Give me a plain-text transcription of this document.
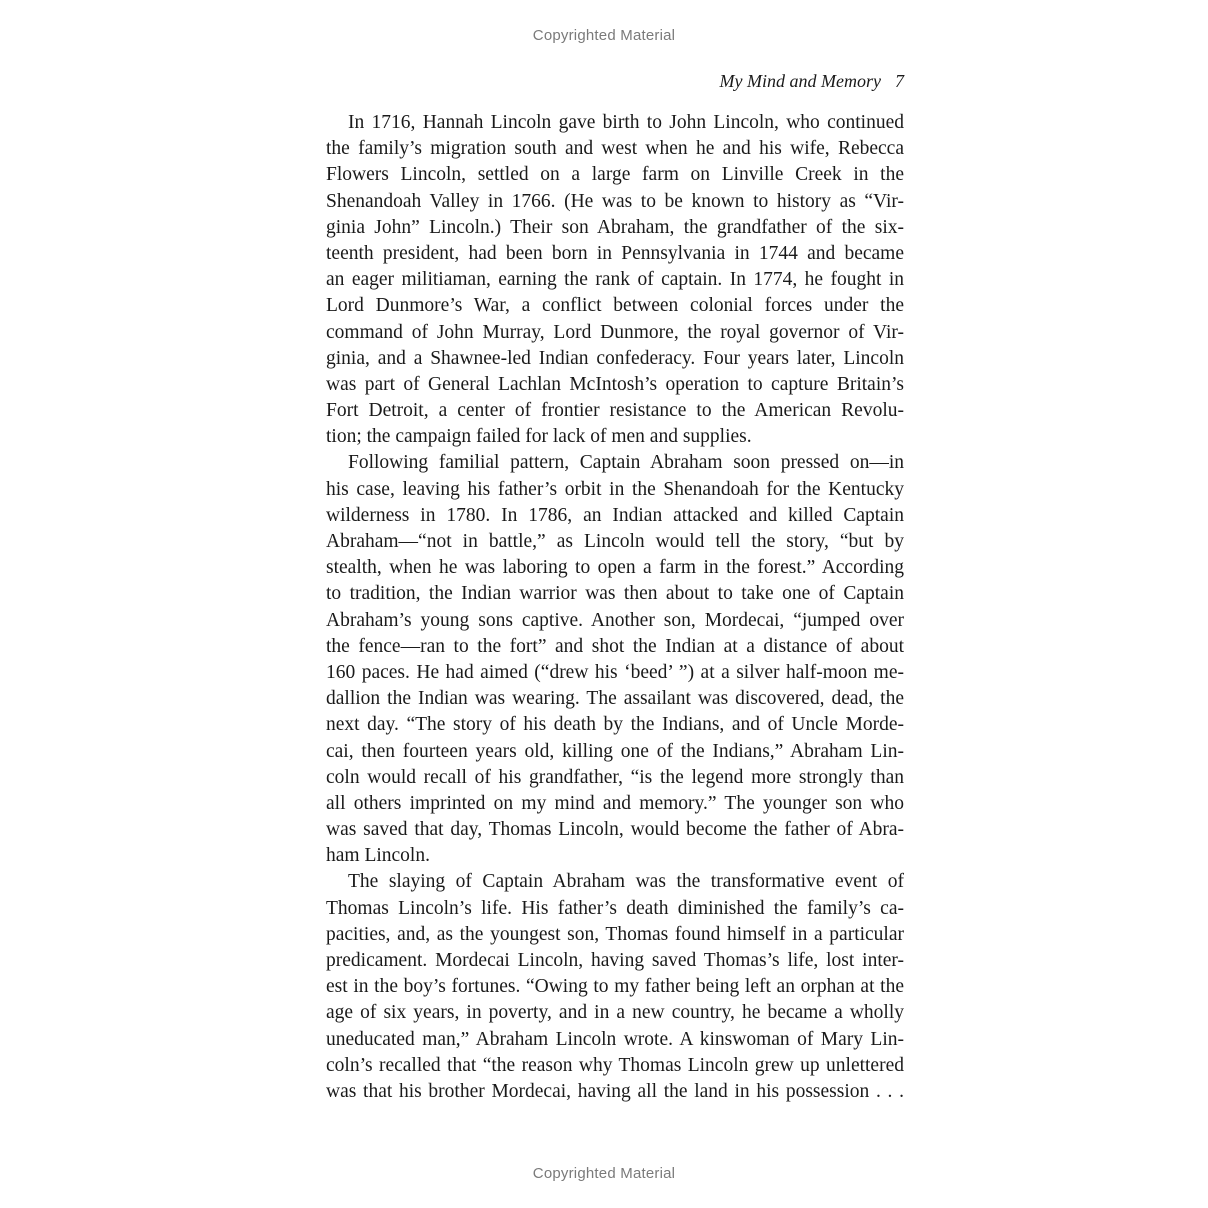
Copyrighted Material
My Mind and Memory 7
In 1716, Hannah Lincoln gave birth to John Lincoln, who continued
the family’s migration south and west when he and his wife, Rebecca
Flowers Lincoln, settled on a large farm on Linville Creek in the
Shenandoah Valley in 1766. (He was to be known to history as “Vir-
ginia John” Lincoln.) Their son Abraham, the grandfather of the six-
teenth president, had been born in Pennsylvania in 1744 and became
an eager militiaman, earning the rank of captain. In 1774, he fought in
Lord Dunmore’s War, a conflict between colonial forces under the
command of John Murray, Lord Dunmore, the royal governor of Vir-
ginia, and a Shawnee-led Indian confederacy. Four years later, Lincoln
was part of General Lachlan McIntosh’s operation to capture Britain’s
Fort Detroit, a center of frontier resistance to the American Revolu-
tion; the campaign failed for lack of men and supplies.
Following familial pattern, Captain Abraham soon pressed on—in
his case, leaving his father’s orbit in the Shenandoah for the Kentucky
wilderness in 1780. In 1786, an Indian attacked and killed Captain
Abraham—“not in battle,” as Lincoln would tell the story, “but by
stealth, when he was laboring to open a farm in the forest.” According
to tradition, the Indian warrior was then about to take one of Captain
Abraham’s young sons captive. Another son, Mordecai, “jumped over
the fence—ran to the fort” and shot the Indian at a distance of about
160 paces. He had aimed (“drew his ‘beed’ ”) at a silver half-moon me-
dallion the Indian was wearing. The assailant was discovered, dead, the
next day. “The story of his death by the Indians, and of Uncle Morde-
cai, then fourteen years old, killing one of the Indians,” Abraham Lin-
coln would recall of his grandfather, “is the legend more strongly than
all others imprinted on my mind and memory.” The younger son who
was saved that day, Thomas Lincoln, would become the father of Abra-
ham Lincoln.
The slaying of Captain Abraham was the transformative event of
Thomas Lincoln’s life. His father’s death diminished the family’s ca-
pacities, and, as the youngest son, Thomas found himself in a particular
predicament. Mordecai Lincoln, having saved Thomas’s life, lost inter-
est in the boy’s fortunes. “Owing to my father being left an orphan at the
age of six years, in poverty, and in a new country, he became a wholly
uneducated man,” Abraham Lincoln wrote. A kinswoman of Mary Lin-
coln’s recalled that “the reason why Thomas Lincoln grew up unlettered
was that his brother Mordecai, having all the land in his possession . . .
Copyrighted Material
